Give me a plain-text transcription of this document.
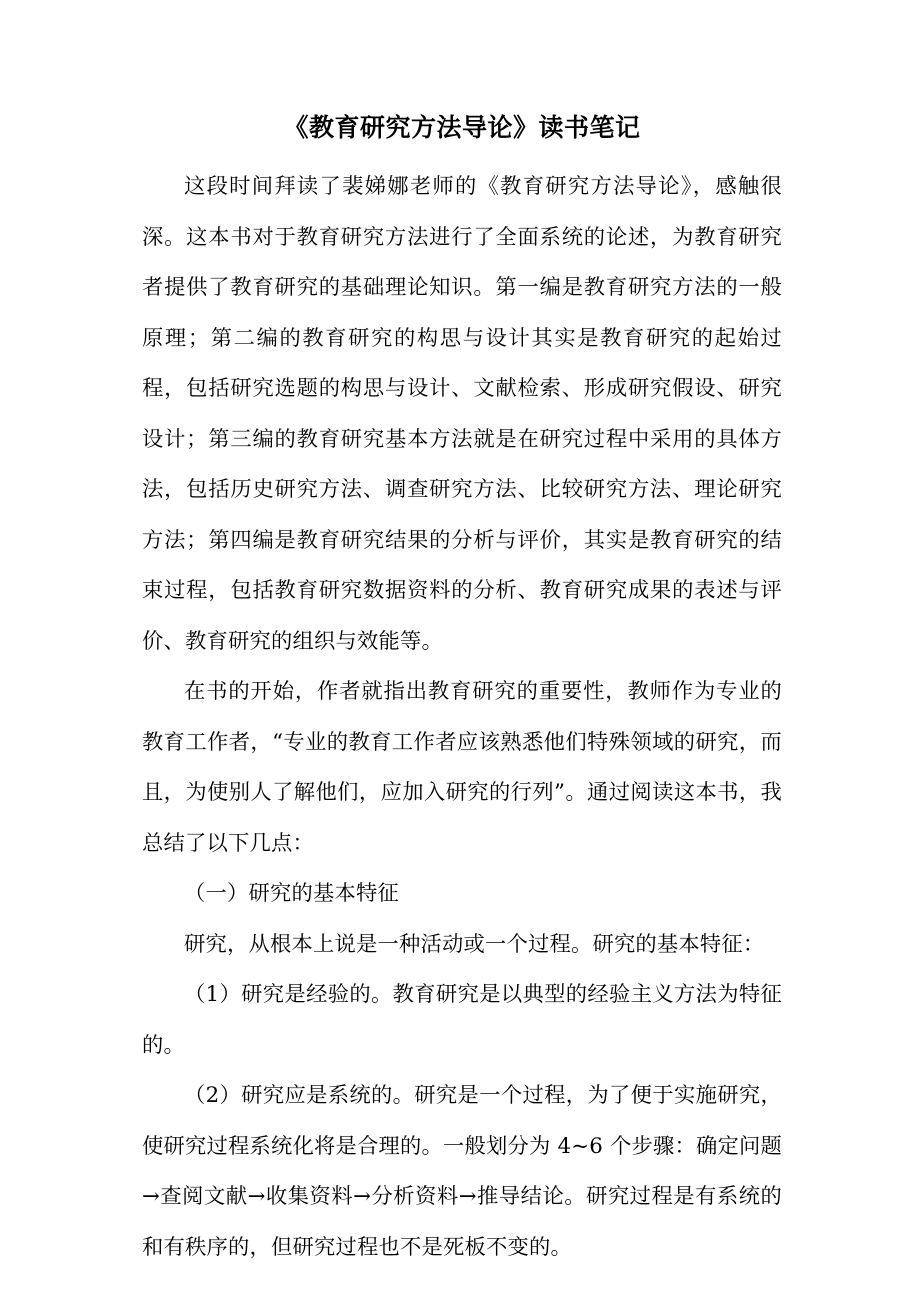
《教育研究方法导论》读书笔记

这段时间拜读了裴娣娜老师的《教育研究方法导论》，感触很深。这本书对于教育研究方法进行了全面系统的论述，为教育研究者提供了教育研究的基础理论知识。第一编是教育研究方法的一般原理；第二编的教育研究的构思与设计其实是教育研究的起始过程，包括研究选题的构思与设计、文献检索、形成研究假设、研究设计；第三编的教育研究基本方法就是在研究过程中采用的具体方法，包括历史研究方法、调查研究方法、比较研究方法、理论研究方法；第四编是教育研究结果的分析与评价，其实是教育研究的结束过程，包括教育研究数据资料的分析、教育研究成果的表述与评价、教育研究的组织与效能等。

在书的开始，作者就指出教育研究的重要性，教师作为专业的教育工作者，“专业的教育工作者应该熟悉他们特殊领域的研究，而且，为使别人了解他们，应加入研究的行列”。通过阅读这本书，我总结了以下几点：

（一）研究的基本特征

研究，从根本上说是一种活动或一个过程。研究的基本特征：

（1）研究是经验的。教育研究是以典型的经验主义方法为特征的。

（2）研究应是系统的。研究是一个过程，为了便于实施研究，使研究过程系统化将是合理的。一般划分为 4~6 个步骤：确定问题→查阅文献→收集资料→分析资料→推导结论。研究过程是有系统的和有秩序的，但研究过程也不是死板不变的。
